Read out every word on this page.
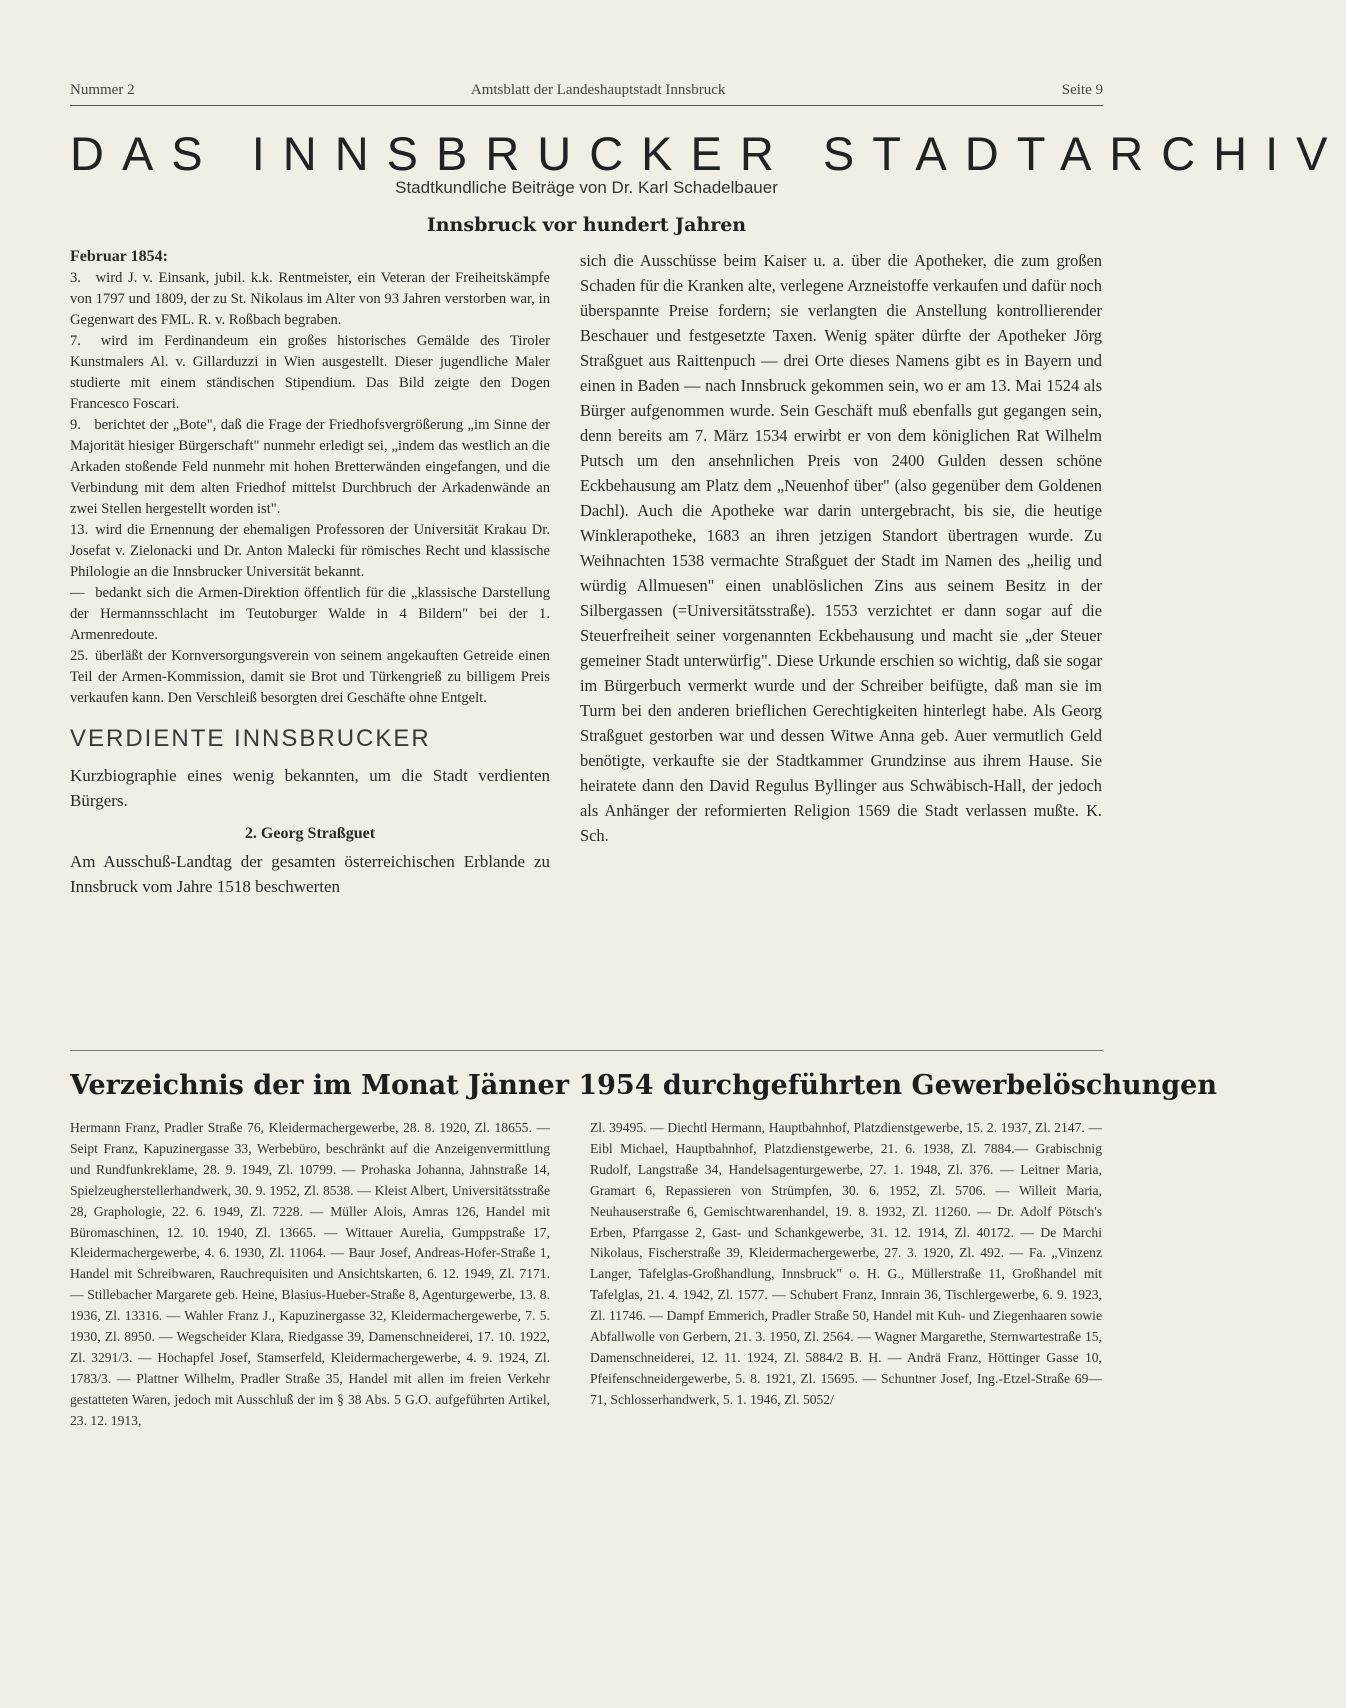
Nummer 2	Amtsblatt der Landeshauptstadt Innsbruck	Seite 9
DAS INNSBRUCKER STADTARCHIV
Stadtkundliche Beiträge von Dr. Karl Schadelbauer
Innsbruck vor hundert Jahren
Februar 1854:

3. wird J. v. Einsank, jubil. k.k. Rentmeister, ein Veteran der Freiheitskämpfe von 1797 und 1809, der zu St. Nikolaus im Alter von 93 Jahren verstorben war, in Gegenwart des FML. R. v. Roßbach begraben.

7. wird im Ferdinandeum ein großes historisches Gemälde des Tiroler Kunstmalers Al. v. Gillarduzzi in Wien ausgestellt. Dieser jugendliche Maler studierte mit einem ständischen Stipendium. Das Bild zeigte den Dogen Francesco Foscari.

9. berichtet der „Bote", daß die Frage der Friedhofsvergrößerung „im Sinne der Majorität hiesiger Bürgerschaft" nunmehr erledigt sei, „indem das westlich an die Arkaden stoßende Feld nunmehr mit hohen Bretterwänden eingefangen, und die Verbindung mit dem alten Friedhof mittelst Durchbruch der Arkadenwände an zwei Stellen hergestellt worden ist".

13. wird die Ernennung der ehemaligen Professoren der Universität Krakau Dr. Josefat v. Zielonacki und Dr. Anton Malecki für römisches Recht und klassische Philologie an die Innsbrucker Universität bekannt.

— bedankt sich die Armen-Direktion öffentlich für die „klassische Darstellung der Hermannsschlacht im Teutoburger Walde in 4 Bildern" bei der 1. Armenredoute.

25. überläßt der Kornversorgungsverein von seinem angekauften Getreide einen Teil der Armen-Kommission, damit sie Brot und Türkengrieß zu billigem Preis verkaufen kann. Den Verschleiß besorgten drei Geschäfte ohne Entgelt.

VERDIENTE INNSBRUCKER

Kurzbiographie eines wenig bekannten, um die Stadt verdienten Bürgers.

2. Georg Straßguet

Am Ausschuß-Landtag der gesamten österreichischen Erblande zu Innsbruck vom Jahre 1518 beschwerten

sich die Ausschüsse beim Kaiser u. a. über die Apotheker, die zum großen Schaden für die Kranken alte, verlegene Arzneistoffe verkaufen und dafür noch überspannte Preise fordern; sie verlangten die Anstellung kontrollierender Beschauer und festgesetzte Taxen. Wenig später dürfte der Apotheker Jörg Straßguet aus Raittenpuch — drei Orte dieses Namens gibt es in Bayern und einen in Baden — nach Innsbruck gekommen sein, wo er am 13. Mai 1524 als Bürger aufgenommen wurde. Sein Geschäft muß ebenfalls gut gegangen sein, denn bereits am 7. März 1534 erwirbt er von dem königlichen Rat Wilhelm Putsch um den ansehnlichen Preis von 2400 Gulden dessen schöne Eckbehausung am Platz dem „Neuenhof über" (also gegenüber dem Goldenen Dachl). Auch die Apotheke war darin untergebracht, bis sie, die heutige Winklerapotheke, 1683 an ihren jetzigen Standort übertragen wurde. Zu Weihnachten 1538 vermachte Straßguet der Stadt im Namen des „heilig und würdig Allmuesen" einen unablöslichen Zins aus seinem Besitz in der Silbergassen (=Universitätsstraße). 1553 verzichtet er dann sogar auf die Steuerfreiheit seiner vorgenannten Eckbehausung und macht sie „der Steuer gemeiner Stadt unterwürfig". Diese Urkunde erschien so wichtig, daß sie sogar im Bürgerbuch vermerkt wurde und der Schreiber beifügte, daß man sie im Turm bei den anderen brieflichen Gerechtigkeiten hinterlegt habe. Als Georg Straßguet gestorben war und dessen Witwe Anna geb. Auer vermutlich Geld benötigte, verkaufte sie der Stadtkammer Grundzinse aus ihrem Hause. Sie heiratete dann den David Regulus Byllinger aus Schwäbisch-Hall, der jedoch als Anhänger der reformierten Religion 1569 die Stadt verlassen mußte. K. Sch.

Verzeichnis der im Monat Jänner 1954 durchgeführten Gewerbelöschungen

Hermann Franz, Pradler Straße 76, Kleidermachergewerbe, 28. 8. 1920, Zl. 18655. — Seipt Franz, Kapuzinergasse 33, Werbebüro, beschränkt auf die Anzeigenvermittlung und Rundfunkreklame, 28. 9. 1949, Zl. 10799. — Prohaska Johanna, Jahnstraße 14, Spielzeugherstellerhandwerk, 30. 9. 1952, Zl. 8538. — Kleist Albert, Universitätsstraße 28, Graphologie, 22. 6. 1949, Zl. 7228. — Müller Alois, Amras 126, Handel mit Büromaschinen, 12. 10. 1940, Zl. 13665. — Wittauer Aurelia, Gumppstraße 17, Kleidermachergewerbe, 4. 6. 1930, Zl. 11064. — Baur Josef, Andreas-Hofer-Straße 1, Handel mit Schreibwaren, Rauchrequisiten und Ansichtskarten, 6. 12. 1949, Zl. 7171. — Stillebacher Margarete geb. Heine, Blasius-Hueber-Straße 8, Agenturgewerbe, 13. 8. 1936, Zl. 13316. — Wahler Franz J., Kapuzinergasse 32, Kleidermachergewerbe, 7. 5. 1930, Zl. 8950. — Wegscheider Klara, Riedgasse 39, Damenschneiderei, 17. 10. 1922, Zl. 3291/3. — Hochapfel Josef, Stamserfeld, Kleidermachergewerbe, 4. 9. 1924, Zl. 1783/3. — Plattner Wilhelm, Pradler Straße 35, Handel mit allen im freien Verkehr gestatteten Waren, jedoch mit Ausschluß der im § 38 Abs. 5 G.O. aufgeführten Artikel, 23. 12. 1913,

Zl. 39495. — Diechtl Hermann, Hauptbahnhof, Platzdienstgewerbe, 15. 2. 1937, Zl. 2147. — Eibl Michael, Hauptbahnhof, Platzdienstgewerbe, 21. 6. 1938, Zl. 7884.— Grabischnig Rudolf, Langstraße 34, Handelsagenturgewerbe, 27. 1. 1948, Zl. 376. — Leitner Maria, Gramart 6, Repassieren von Strümpfen, 30. 6. 1952, Zl. 5706. — Willeit Maria, Neuhauserstraße 6, Gemischtwarenhandel, 19. 8. 1932, Zl. 11260. — Dr. Adolf Pötsch's Erben, Pfarrgasse 2, Gast- und Schankgewerbe, 31. 12. 1914, Zl. 40172. — De Marchi Nikolaus, Fischerstraße 39, Kleidermachergewerbe, 27. 3. 1920, Zl. 492. — Fa. „Vinzenz Langer, Tafelglas-Großhandlung, Innsbruck" o. H. G., Müllerstraße 11, Großhandel mit Tafelglas, 21. 4. 1942, Zl. 1577. — Schubert Franz, Innrain 36, Tischlergewerbe, 6. 9. 1923, Zl. 11746. — Dampf Emmerich, Pradler Straße 50, Handel mit Kuh- und Ziegenhaaren sowie Abfallwolle von Gerbern, 21. 3. 1950, Zl. 2564. — Wagner Margarethe, Sternwartestraße 15, Damenschneiderei, 12. 11. 1924, Zl. 5884/2 B. H. — Andrä Franz, Höttinger Gasse 10, Pfeifenschneidergewerbe, 5. 8. 1921, Zl. 15695. — Schuntner Josef, Ing.-Etzel-Straße 69—71, Schlosserhandwerk, 5. 1. 1946, Zl. 5052/
